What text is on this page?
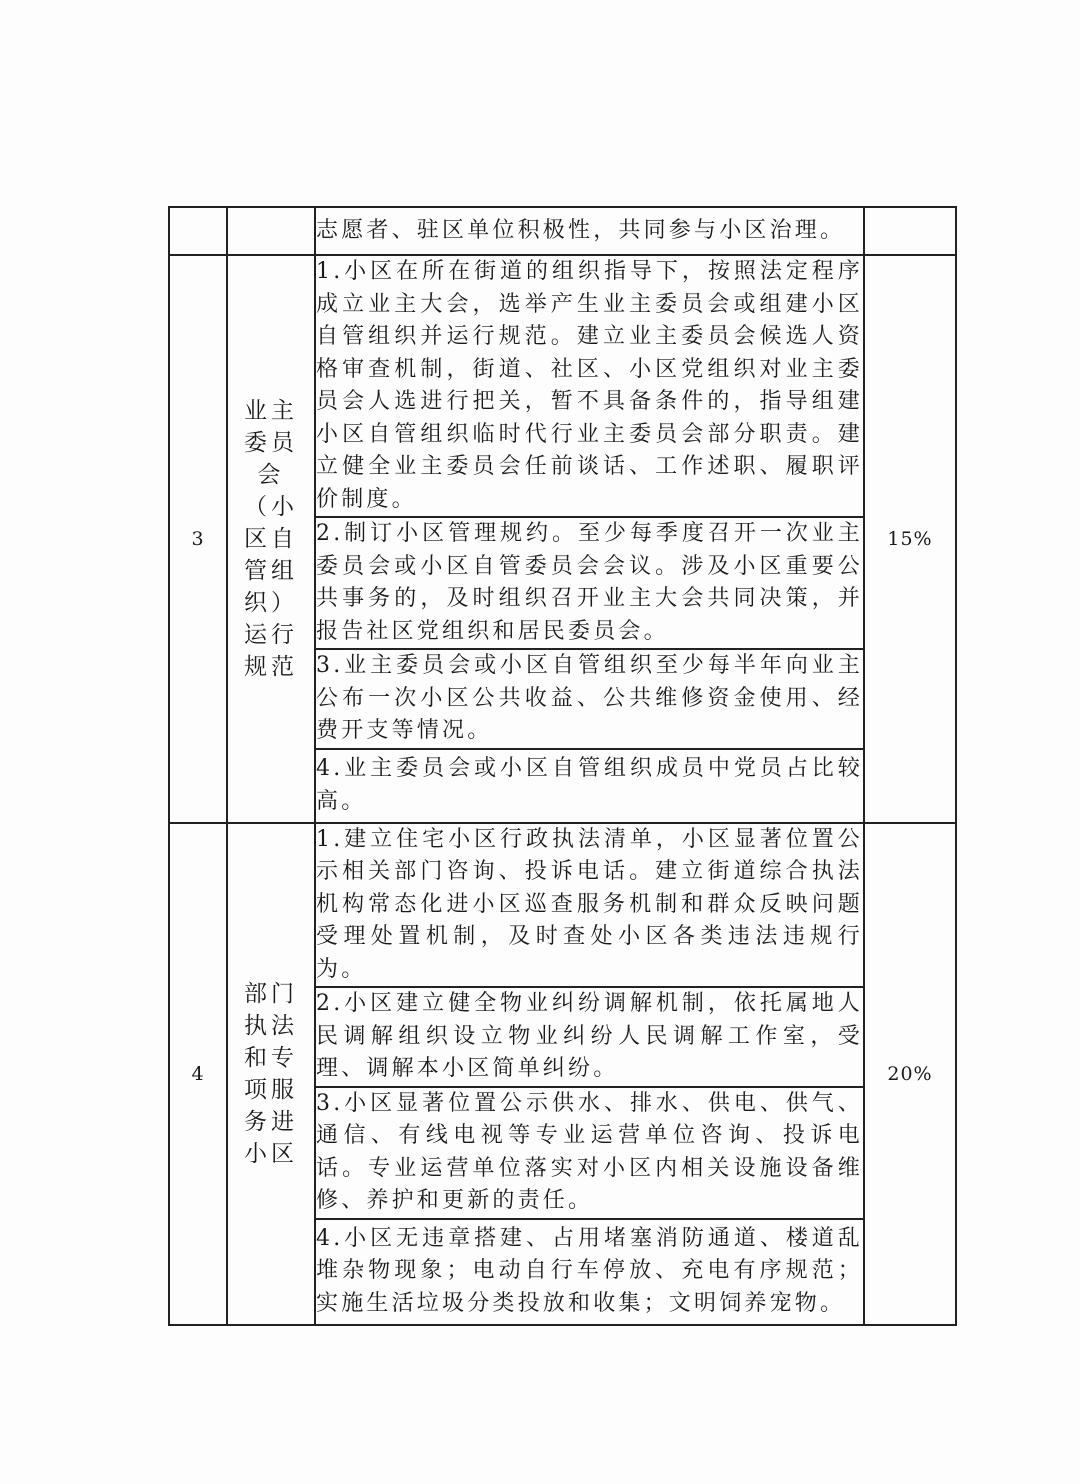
		志愿者、驻区单位积极性，共同参与小区治理。	
3	业主委员会（小区自管组织）运行规范	1.小区在所在街道的组织指导下，按照法定程序成立业主大会，选举产生业主委员会或组建小区自管组织并运行规范。建立业主委员会候选人资格审查机制，街道、社区、小区党组织对业主委员会人选进行把关，暂不具备条件的，指导组建小区自管组织临时代行业主委员会部分职责。建立健全业主委员会任前谈话、工作述职、履职评价制度。	15%
		2.制订小区管理规约。至少每季度召开一次业主委员会或小区自管委员会会议。涉及小区重要公共事务的，及时组织召开业主大会共同决策，并报告社区党组织和居民委员会。	
		3.业主委员会或小区自管组织至少每半年向业主公布一次小区公共收益、公共维修资金使用、经费开支等情况。	
		4.业主委员会或小区自管组织成员中党员占比较高。	
4	部门执法和专项服务进小区	1.建立住宅小区行政执法清单，小区显著位置公示相关部门咨询、投诉电话。建立街道综合执法机构常态化进小区巡查服务机制和群众反映问题受理处置机制，及时查处小区各类违法违规行为。	20%
		2.小区建立健全物业纠纷调解机制，依托属地人民调解组织设立物业纠纷人民调解工作室，受理、调解本小区简单纠纷。	
		3.小区显著位置公示供水、排水、供电、供气、通信、有线电视等专业运营单位咨询、投诉电话。专业运营单位落实对小区内相关设施设备维修、养护和更新的责任。	
		4.小区无违章搭建、占用堵塞消防通道、楼道乱堆杂物现象；电动自行车停放、充电有序规范；实施生活垃圾分类投放和收集；文明饲养宠物。	
